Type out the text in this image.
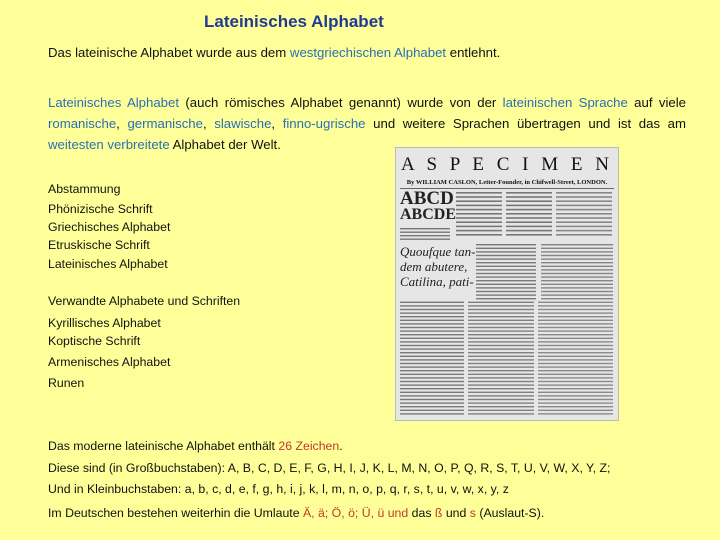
Lateinisches Alphabet
Das lateinische Alphabet wurde aus dem westgriechischen Alphabet entlehnt.
Lateinisches Alphabet (auch römisches Alphabet genannt) wurde von der lateinischen Sprache auf viele romanische, germanische, slawische, finno-ugrische und weitere Sprachen übertragen und ist das am weitesten verbreitete Alphabet der Welt.
Abstammung
Phönizische Schrift
Griechisches Alphabet
Etruskische Schrift
Lateinisches Alphabet
Verwandte Alphabete und Schriften
Kyrillisches Alphabet
Koptische Schrift
Armenisches Alphabet
Runen
A S P E C I M E N
By WILLIAM CASLON, Letter-Founder, in Chifwell-Street, LONDON.
ABCD
ABCDE
Quoufque tan-
dem abutere,
Catilina, pati-
Das moderne lateinische Alphabet enthält 26 Zeichen.
Diese sind (in Großbuchstaben): A, B, C, D, E, F, G, H, I, J, K, L, M, N, O, P, Q, R, S, T, U, V, W, X, Y, Z;
Und in Kleinbuchstaben: a, b, c, d, e, f, g, h, i, j, k, l, m, n, o, p, q, r, s, t, u, v, w, x, y, z
Im Deutschen bestehen weiterhin die Umlaute Ä, ä; Ö, ö; Ü, ü und das ß und s (Auslaut-S).
